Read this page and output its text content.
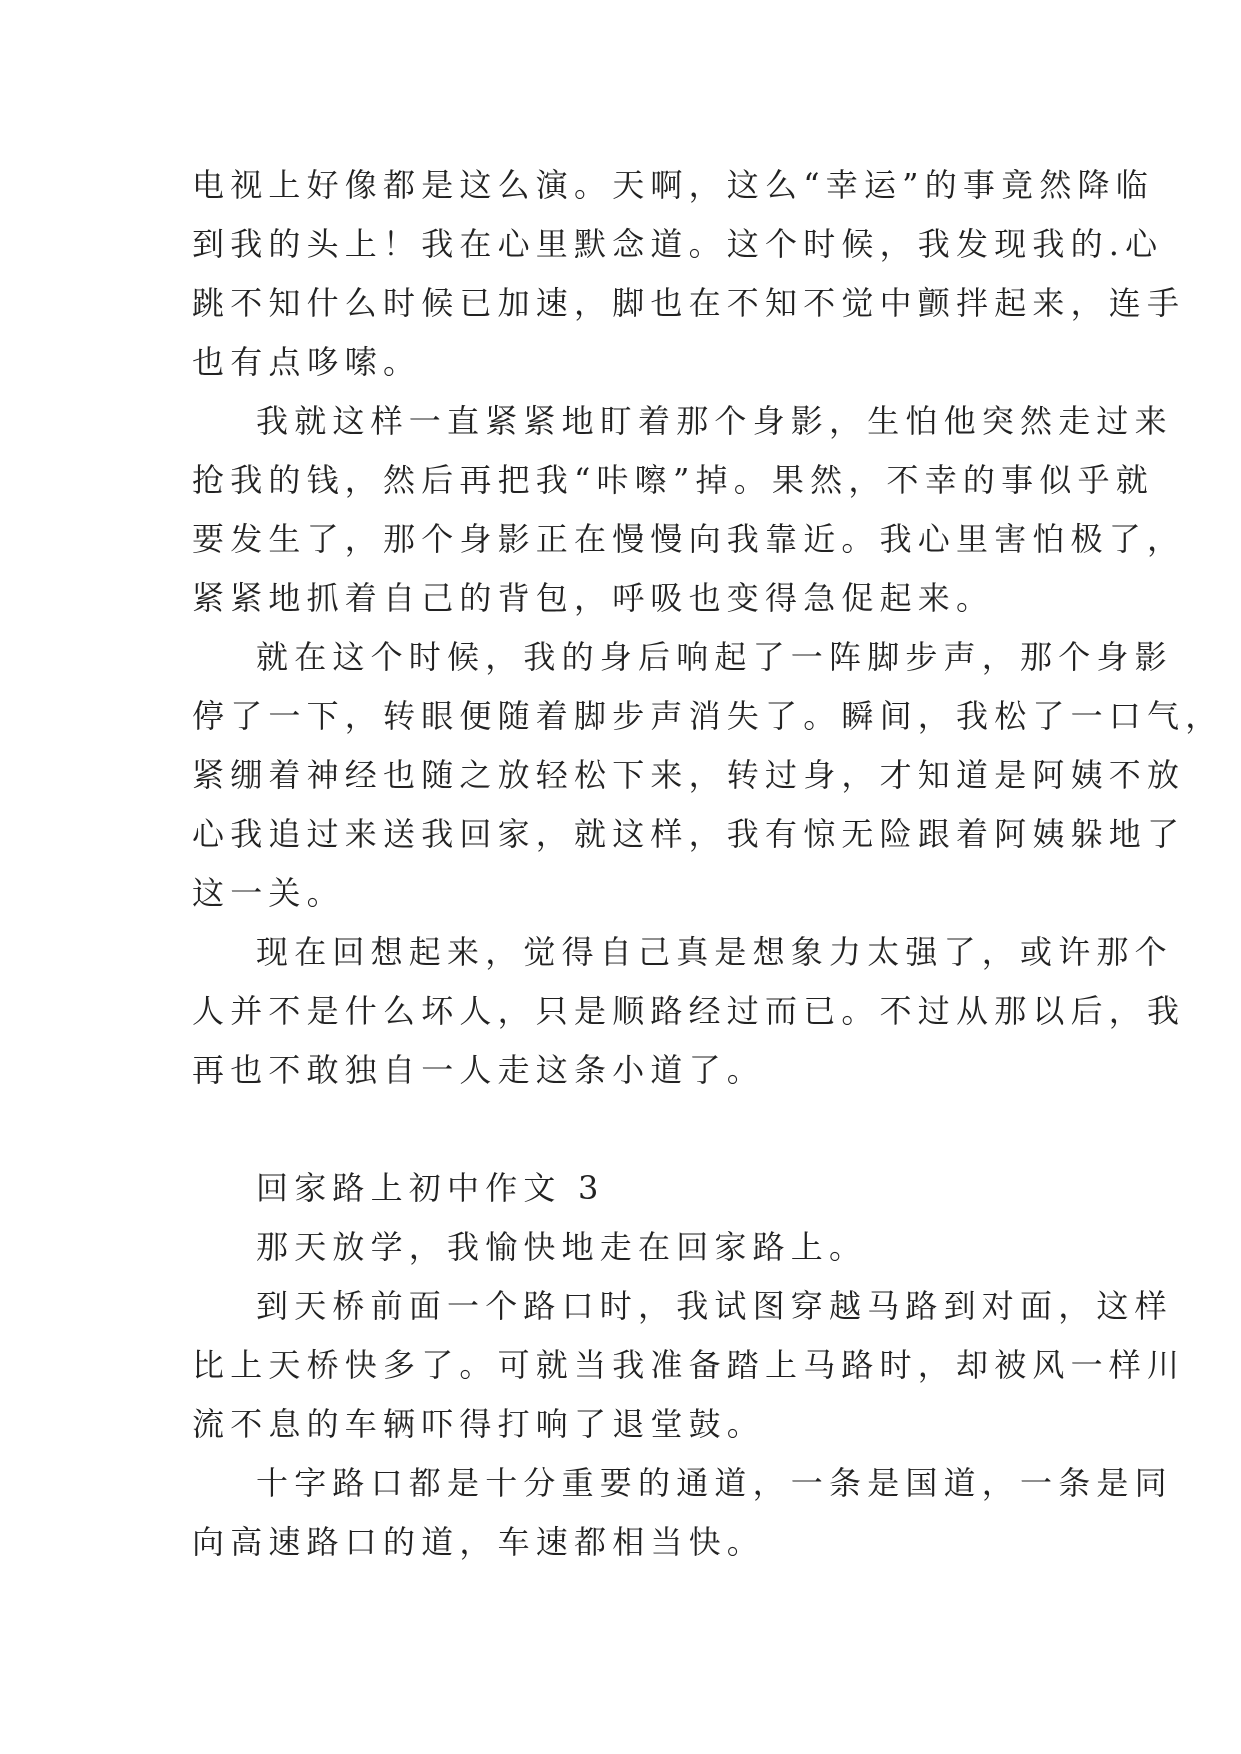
电视上好像都是这么演。天啊，这么“幸运”的事竟然降临
到我的头上！我在心里默念道。这个时候，我发现我的.心
跳不知什么时候已加速，脚也在不知不觉中颤拌起来，连手
也有点哆嗦。
我就这样一直紧紧地盯着那个身影，生怕他突然走过来
抢我的钱，然后再把我“咔嚓”掉。果然，不幸的事似乎就
要发生了，那个身影正在慢慢向我靠近。我心里害怕极了，
紧紧地抓着自己的背包，呼吸也变得急促起来。
就在这个时候，我的身后响起了一阵脚步声，那个身影
停了一下，转眼便随着脚步声消失了。瞬间，我松了一口气，
紧绷着神经也随之放轻松下来，转过身，才知道是阿姨不放
心我追过来送我回家，就这样，我有惊无险跟着阿姨躲地了
这一关。
现在回想起来，觉得自己真是想象力太强了，或许那个
人并不是什么坏人，只是顺路经过而已。不过从那以后，我
再也不敢独自一人走这条小道了。
回家路上初中作文 3
那天放学，我愉快地走在回家路上。
到天桥前面一个路口时，我试图穿越马路到对面，这样
比上天桥快多了。可就当我准备踏上马路时，却被风一样川
流不息的车辆吓得打响了退堂鼓。
十字路口都是十分重要的通道，一条是国道，一条是同
向高速路口的道，车速都相当快。
